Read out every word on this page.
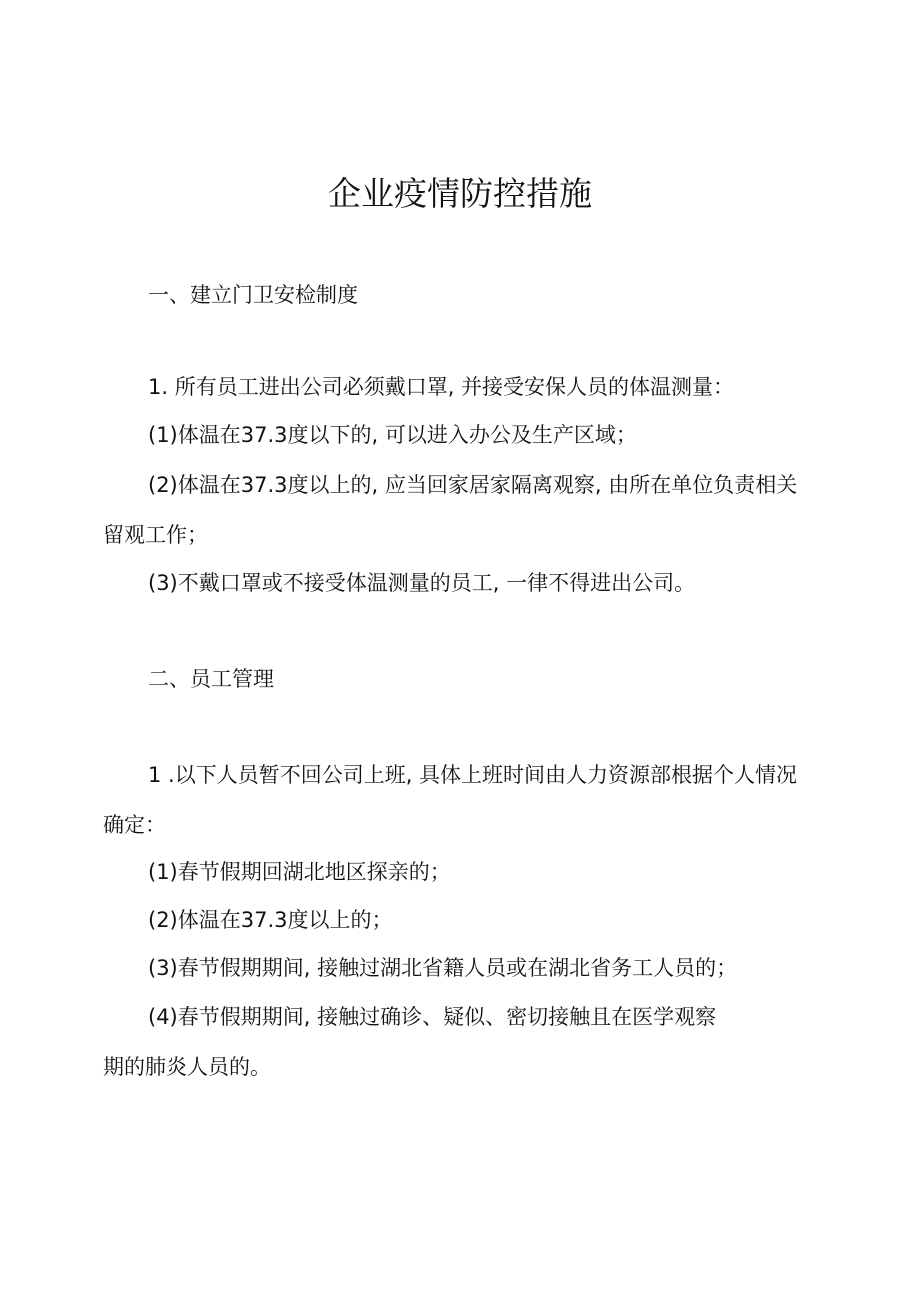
企业疫情防控措施
一、建立门卫安检制度
1. 所有员工进出公司必须戴口罩, 并接受安保人员的体温测量：
(1)体温在37.3度以下的, 可以进入办公及生产区域；
(2)体温在37.3度以上的, 应当回家居家隔离观察, 由所在单位负责相关
留观工作；
(3)不戴口罩或不接受体温测量的员工, 一律不得进出公司。
二、员工管理
1 .以下人员暂不回公司上班, 具体上班时间由人力资源部根据个人情况
确定：
(1)春节假期回湖北地区探亲的；
(2)体温在37.3度以上的；
(3)春节假期期间, 接触过湖北省籍人员或在湖北省务工人员的；
(4)春节假期期间, 接触过确诊、疑似、密切接触且在医学观察
期的肺炎人员的。
